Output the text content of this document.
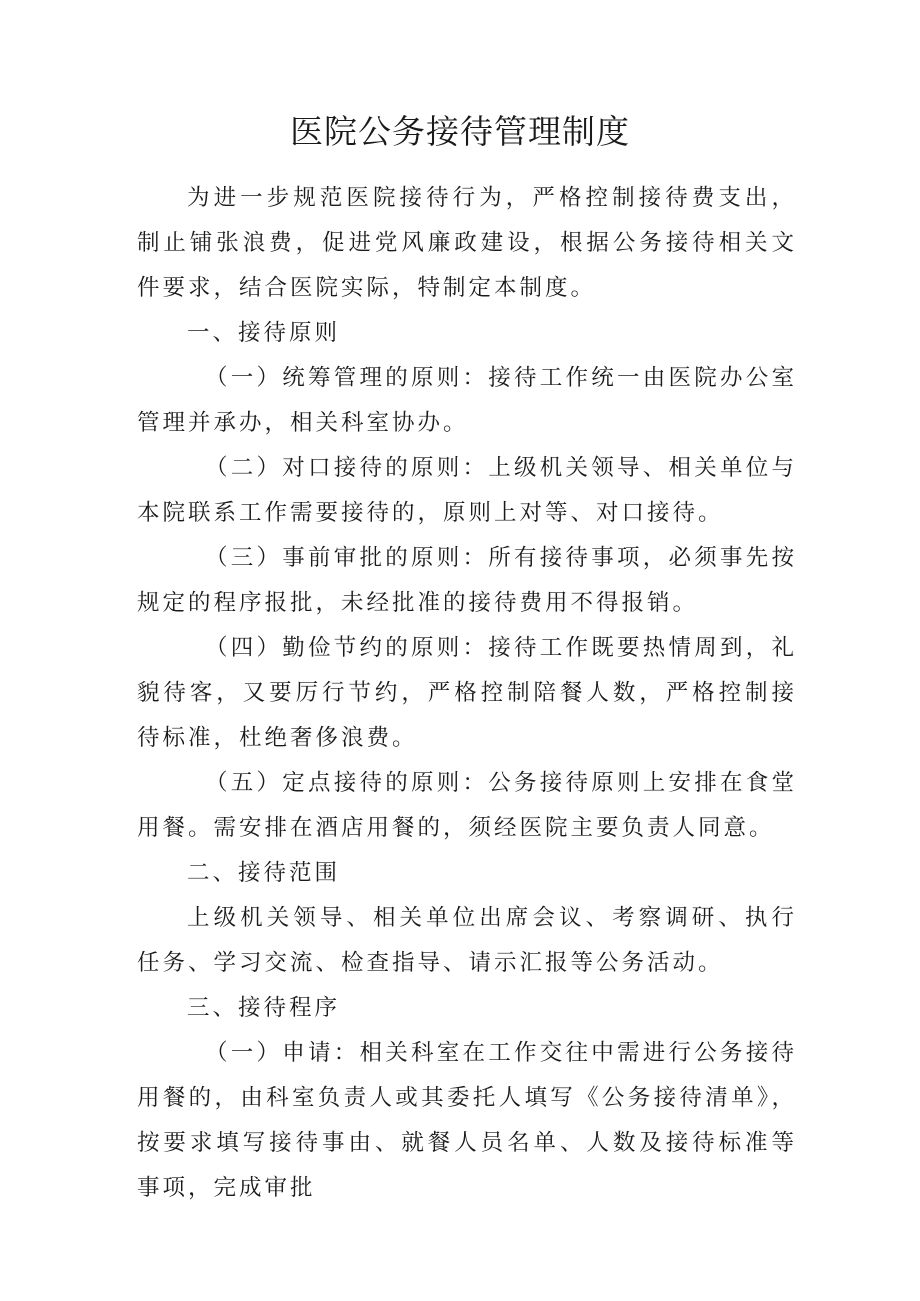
医院公务接待管理制度

为进一步规范医院接待行为，严格控制接待费支出，制止铺张浪费，促进党风廉政建设，根据公务接待相关文件要求，结合医院实际，特制定本制度。

一、接待原则

（一）统筹管理的原则：接待工作统一由医院办公室管理并承办，相关科室协办。

（二）对口接待的原则：上级机关领导、相关单位与本院联系工作需要接待的，原则上对等、对口接待。

（三）事前审批的原则：所有接待事项，必须事先按规定的程序报批，未经批准的接待费用不得报销。

（四）勤俭节约的原则：接待工作既要热情周到，礼貌待客，又要厉行节约，严格控制陪餐人数，严格控制接待标准，杜绝奢侈浪费。

（五）定点接待的原则：公务接待原则上安排在食堂用餐。需安排在酒店用餐的，须经医院主要负责人同意。

二、接待范围

上级机关领导、相关单位出席会议、考察调研、执行任务、学习交流、检查指导、请示汇报等公务活动。

三、接待程序

（一）申请：相关科室在工作交往中需进行公务接待用餐的，由科室负责人或其委托人填写《公务接待清单》，按要求填写接待事由、就餐人员名单、人数及接待标准等事项，完成审批
